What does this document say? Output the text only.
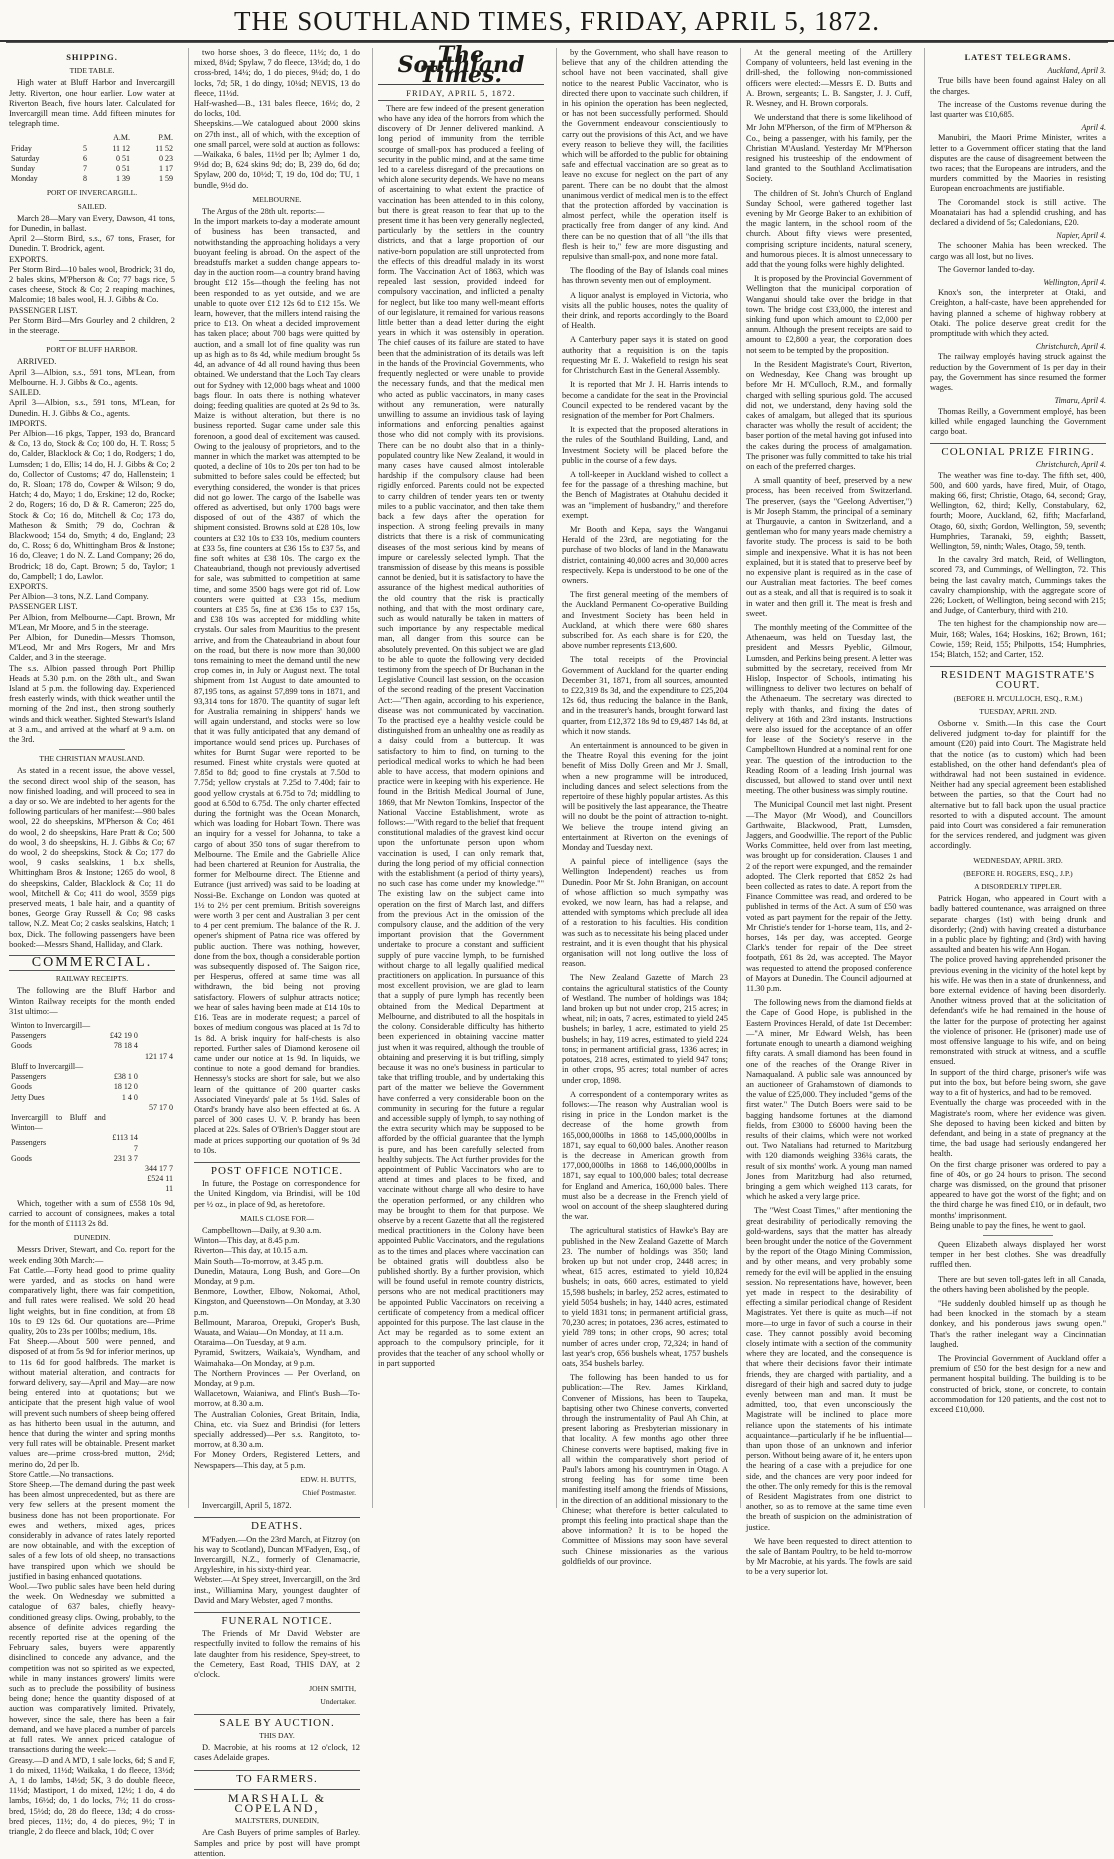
THE SOUTHLAND TIMES, FRIDAY, APRIL 5, 1872.
SHIPPING.
TIDE TABLE.

High water at Bluff Harbor and Invercargill Jetty. Riverton, one hour earlier. Low water at Riverton Beach, five hours later. Calculated for Invercargill mean time. Add fifteen minutes for telegraph time.

		A.M.	P.M.
Friday	5	11 12	11 52
Saturday	6	0 51	0 23
Sunday	7	0 51	1 17
Monday	8	1 39	1 59
PORT OF INVERCARGILL.
SAILED.

March 28—Mary van Every, Dawson, 41 tons, for Dunedin, in ballast.
April 2—Storm Bird, s.s., 67 tons, Fraser, for Dunedin. T. Brodrick, agent.
EXPORTS.
Per Storm Bird—10 bales wool, Brodrick; 31 do, 2 bales skins, M'Pherson & Co; 77 bags rice, 5 cases cheese, Stock & Co; 2 reaping machines, Malcomie; 18 bales wool, H. J. Gibbs & Co.
PASSENGER LIST.
Per Storm Bird—Mrs Gourley and 2 children, 2 in the steerage.

PORT OF BLUFF HARBOR.

ARRIVED.
April 3—Albion, s.s., 591 tons, M'Lean, from Melbourne. H. J. Gibbs & Co., agents.
SAILED.
April 3—Albion, s.s., 591 tons, M'Lean, for Dunedin. H. J. Gibbs & Co., agents.
IMPORTS.
Per Albion—16 pkgs, Tapper, 193 do, Brancard & Co, 13 do, Stock & Co; 100 do, H. T. Ross; 5 do, Calder, Blacklock & Co; 1 do, Rodgers; 1 do, Lumsden; 1 do, Ellis; 14 do, H. J. Gibbs & Co; 2 do, Collector of Customs; 47 do, Hallenstein; 1 do, R. Sloan; 178 do, Cowper & Wilson; 9 do, Hatch; 4 do, Mayo; 1 do, Erskine; 12 do, Rocke; 2 do, Rogers; 16 do, D & R. Cameron; 225 do, Stock & Co; 16 do, Mitchell & Co; 173 do, Matheson & Smith; 79 do, Cochran & Blackwood; 154 do, Smyth; 4 do, England; 23 do, C. Ross; 6 do, Whittingham Bros & Instone; 16 do, Cleave; 1 do N. Z. Land Company; 26 do, Brodrick; 18 do, Capt. Brown; 5 do, Taylor; 1 do, Campbell; 1 do, Lawlor.
EXPORTS.
Per Albion—3 tons, N.Z. Land Company.
PASSENGER LIST.
Per Albion, from Melbourne—Capt. Brown, Mr M'Lean, Mr Moore, and 5 in the steerage.
Per Albion, for Dunedin—Messrs Thomson, M'Leod, Mr and Mrs Rogers, Mr and Mrs Calder, and 3 in the steerage.
The s.s. Albion passed through Port Phillip Heads at 5.30 p.m. on the 28th ult., and Swan Island at 5 p.m. the following day. Experienced fresh easterly winds, with thick weather until the morning of the 2nd inst., then strong southerly winds and thick weather. Sighted Stewart's Island at 3 a.m., and arrived at the wharf at 9 a.m. on the 3rd.

THE CHRISTIAN M'AUSLAND.

As stated in a recent issue, the above vessel, the second direct wool ship of the season, has now finished loading, and will proceed to sea in a day or so. We are indebted to her agents for the following particulars of her manifest:—980 bales wool, 22 do sheepskins, M'Pherson & Co; 461 do wool, 2 do sheepskins, Hare Pratt & Co; 500 do wool, 3 do sheepskins, H. J. Gibbs & Co; 67 do wool, 2 do sheepskins, Stock & Co; 177 do wool, 9 casks sealskins, 1 b.x shells, Whittingham Bros & Instone; 1265 do wool, 8 do sheepskins, Calder, Blacklock & Co; 11 do wool, Mitchell & Co; 411 do wool, 3559 pigs preserved meats, 1 bale hair, and a quantity of bones, George Gray Russell & Co; 98 casks tallow, N.Z. Meat Co; 2 casks sealskins, Hatch; 1 box, Dick. The following passengers have been booked:—Messrs Shand, Halliday, and Clark.

COMMERCIAL.
RAILWAY RECEIPTS.

The following are the Bluff Harbor and Winton Railway receipts for the month ended 31st ultimo:—

Winton to Invercargill—		
Passengers	£42 19 0	
Goods	78 18 4	
		121 17 4
Bluff to Invercargill—		
Passengers	£38 1 0	
Goods	18 12 0	
Jetty Dues	1 4 0	
		57 17 0
Invercargill to Bluff and Winton—		
Passengers	£113 14 7	
Goods	231 3 7	
		344 17 7
		£524 11 11

Which, together with a sum of £558 10s 9d, carried to account of consignees, makes a total for the month of £1113 2s 8d.

DUNEDIN.

Messrs Driver, Stewart, and Co. report for the week ending 30th March:—
Fat Cattle.—Forty head good to prime quality were yarded, and as stocks on hand were comparatively light, there was fair competition, and full rates were realised. We sold 20 head light weights, but in fine condition, at from £8 10s to £9 12s 6d. Our quotations are—Prime quality, 20s to 23s per 100lbs; medium, 18s.
Fat Sheep.—About 500 were penned, and disposed of at from 5s 9d for inferior merinos, up to 11s 6d for good halfbreds. The market is without material alteration, and contracts for forward delivery, say—April and May—are now being entered into at quotations; but we anticipate that the present high value of wool will prevent such numbers of sheep being offered as has hitherto been usual in the autumn, and hence that during the winter and spring months very full rates will be obtainable. Present market values are—prime cross-bred mutton, 2½d; merino do, 2d per lb.
Store Cattle.—No transactions.
Store Sheep.—The demand during the past week has been almost unprecedented, but as there are very few sellers at the present moment the business done has not been proportionate. For ewes and wethers, mixed ages, prices considerably in advance of rates lately reported are now obtainable, and with the exception of sales of a few lots of old sheep, no transactions have transpired upon which we should be justified in basing enhanced quotations.
Wool.—Two public sales have been held during the week. On Wednesday we submitted a catalogue of 637 bales, chiefly heavy-conditioned greasy clips. Owing, probably, to the absence of definite advices regarding the recently reported rise at the opening of the February sales, buyers were apparently disinclined to concede any advance, and the competition was not so spirited as we expected, while in many instances growers' limits were such as to preclude the possibility of business being done; hence the quantity disposed of at auction was comparatively limited. Privately, however, since the sale, there has been a fair demand, and we have placed a number of parcels at full rates. We annex priced catalogue of transactions during the week:—
Greasy.—D and A M'D, 1 sale locks, 6d; S and F, 1 do mixed, 11½d; Waikaka, 1 do fleece, 13½d; A, 1 do lambs, 14½d; 5K, 3 do double fleece, 11½d; Mastiport, 1 do mixed, 12½; 1 do, 4 do lambs, 16½d; do, 1 do locks, 7½; 11 do cross-bred, 15½d; do, 28 do fleece, 13d; 4 do cross-bred pieces, 11½; do, 4 do pieces, 9½; T in triangle, 2 do fleece and black, 10d; C over

two horse shoes, 3 do fleece, 11½; do, 1 do mixed, 8¼d; Spylaw, 7 do fleece, 13½d; do, 1 do cross-bred, 14¼; do, 1 do pieces, 9¼d; do, 1 do locks, 7d; 5R, 1 do dingy, 10¼d; NEVIS, 13 do fleece, 11½d.
Half-washed—B., 131 bales fleece, 16½; do, 2 do locks, 10d.
Sheepskins.—We catalogued about 2000 skins on 27th inst., all of which, with the exception of one small parcel, were sold at auction as follows:—Waikaka, 6 bales, 11½d per lb; Aylmer 1 do, 9½d do; B, 624 skins 9d; do; B, 239 do, 6d do; Spylaw, 200 do, 10½d; T, 19 do, 10d do; TU, 1 bundle, 9½d do.

MELBOURNE.

The Argus of the 28th ult. reports:—
In the import markets to-day a moderate amount of business has been transacted, and notwithstanding the approaching holidays a very buoyant feeling is abroad. On the aspect of the breadstuffs market a sudden change appears to-day in the auction room—a country brand having brought £12 15s—though the feeling has not been responded to as yet outside, and we are unable to quote over £12 12s 6d to £12 15s. We learn, however, that the millers intend raising the price to £13. On wheat a decided improvement has taken place; about 700 bags were quitted by auction, and a small lot of fine quality was run up as high as to 8s 4d, while medium brought 5s 4d, an advance of 4d all round having thus been obtained. We understand that the Loch Tay clears out for Sydney with 12,000 bags wheat and 1000 bags flour. In oats there is nothing whatever doing; feeding qualities are quoted at 2s 9d to 3s. Maize is without alteration, but there is no business reported. Sugar came under sale this forenoon, a good deal of excitement was caused. Owing to the jealousy of proprietors, and to the manner in which the market was attempted to be quoted, a decline of 10s to 20s per ton had to be submitted to before sales could be effected; but everything considered, the wonder is that prices did not go lower. The cargo of the Isabelle was offered as advertised, but only 1700 bags were disposed of out of the 4387 of which the shipment consisted. Browns sold at £28 10s, low counters at £32 10s to £33 10s, medium counters at £33 5s, fine counters at £36 15s to £37 5s, and fine soft whites at £38 10s. The cargo ex the Chateaubriand, though not previously advertised for sale, was submitted to competition at same time, and some 3500 bags were got rid of. Low counters were quitted at £33 15s, medium counters at £35 5s, fine at £36 15s to £37 15s, and £38 10s was accepted for middling white crystals. Our sales from Mauritius to the present arrive, and from the Chateaubriand in about four on the road, but there is now more than 30,000 tons remaining to meet the demand until the new crop comes in, in July or August next. The total shipment from 1st August to date amounted to 87,195 tons, as against 57,899 tons in 1871, and 93,314 tons for 1870. The quantity of sugar left for Australia remaining in shippers' hands we will again understand, and stocks were so low that it was fully anticipated that any demand of importance would send prices up. Purchases of whites for Burnt Sugar were reported to be resumed. Finest white crystals were quoted at 7.85d to 8d; good to fine crystals at 7.50d to 7.75d; yellow crystals at 7.25d to 7.40d; fair to good yellow crystals at 6.75d to 7d; middling to good at 6.50d to 6.75d. The only charter effected during the fortnight was the Ocean Monarch, which was loading for Hobart Town. There was an inquiry for a vessel for Johanna, to take a cargo of about 350 tons of sugar therefrom to Melbourne. The Emile and the Gabrielle Alice had been chartered at Reunion for Australia, the former for Melbourne direct. The Etienne and Eutrance (just arrived) was said to be loading at Nossi-Be. Exchange on London was quoted at 1½ to 2½ per cent premium. British sovereigns were worth 3 per cent and Australian 3 per cent to 4 per cent premium. The balance of the R. J. opener's shipment of Patna rice was offered by public auction. There was nothing, however, done from the box, though a considerable portion was subsequently disposed of. The Saigon rice, per Hesperus, offered at same time was all withdrawn, the bid being not proving satisfactory. Flowers of sulphur attracts notice; we hear of sales having been made at £14 10s to £16. Teas are in moderate request; a parcel of boxes of medium congous was placed at 1s 7d to 1s 8d. A brisk inquiry for half-chests is also reported. Further sales of Diamond kerosene oil came under our notice at 1s 9d. In liquids, we continue to note a good demand for brandies. Hennessy's stocks are short for sale, but we also learn of the quittance of 200 quarter casks Associated Vineyards' pale at 5s 1½d. Sales of Otard's brandy have also been effected at 6s. A parcel of 300 cases U. V. P. brandy has been placed at 22s. Sales of O'Brien's Dagger stout are made at prices supporting our quotation of 9s 3d to 10s.

POST OFFICE NOTICE.

In future, the Postage on correspondence for the United Kingdom, via Brindisi, will be 10d per ½ oz., in place of 9d, as heretofore.

MAILS CLOSE FOR—

Campbelltown—Daily, at 9.30 a.m.
Winton—This day, at 8.45 p.m.
Riverton—This day, at 10.15 a.m.
Main South—To-morrow, at 3.45 p.m.
Dunedin, Mataura, Long Bush, and Gore—On Monday, at 9 p.m.
Benmore, Lowther, Elbow, Nokomai, Athol, Kingston, and Queenstown—On Monday, at 3.30 p.m.
Bellmount, Mararoa, Orepuki, Groper's Bush, Wauata, and Waiau—On Monday, at 11 a.m.
Otaraima—On Tuesday, at 9 a.m.
Pyramid, Switzers, Waikaia's, Wyndham, and Waimahaka—On Monday, at 9 p.m.
The Northern Provinces — Per Overland, on Monday, at 9 p.m.
Wallacetown, Waianiwa, and Flint's Bush—To-morrow, at 8.30 a.m.
The Australian Colonies, Great Britain, India, China, etc. via Suez and Brindisi (for letters specially addressed)—Per s.s. Rangitoto, to-morrow, at 8.30 a.m.
For Money Orders, Registered Letters, and Newspapers—This day, at 5 p.m.

EDW. H. BUTTS,
Chief Postmaster.

Invercargill, April 5, 1872.

DEATHS.

M'Fadyen.—On the 23rd March, at Fitzroy (on his way to Scotland), Duncan M'Fadyen, Esq., of Invercargill, N.Z., formerly of Clenamacrie, Argyleshire, in his sixty-third year.
Webster.—At Spey street, Invercargill, on the 3rd inst., Williamina Mary, youngest daughter of David and Mary Webster, aged 7 months.

FUNERAL NOTICE.

The Friends of Mr David Webster are respectfully invited to follow the remains of his late daughter from his residence, Spey-street, to the Cemetery, East Road, THIS DAY, at 2 o'clock.

JOHN SMITH,
Undertaker.
SALE BY AUCTION.
THIS DAY.

D. Macrobie, at his rooms at 12 o'clock, 12 cases Adelaide grapes.

TO FARMERS.
MARSHALL & COPELAND,
MALTSTERS, DUNEDIN,

Are Cash Buyers of prime samples of Barley. Samples and price by post will have prompt attention.

The Southland Times.
FRIDAY, APRIL 5, 1872.

There are few indeed of the present generation who have any idea of the horrors from which the discovery of Dr Jenner delivered mankind. A long period of immunity from the terrible scourge of small-pox has produced a feeling of security in the public mind, and at the same time led to a careless disregard of the precautions on which alone security depends. We have no means of ascertaining to what extent the practice of vaccination has been attended to in this colony, but there is great reason to fear that up to the present time it has been very generally neglected, particularly by the settlers in the country districts, and that a large proportion of our native-born population are still unprotected from the effects of this dreadful malady in its worst form. The Vaccination Act of 1863, which was repealed last session, provided indeed for compulsory vaccination, and inflicted a penalty for neglect, but like too many well-meant efforts of our legislature, it remained for various reasons little better than a dead letter during the eight years in which it was ostensibly in operation. The chief causes of its failure are stated to have been that the administration of its details was left in the hands of the Provincial Governments, who frequently neglected or were unable to provide the necessary funds, and that the medical men who acted as public vaccinators, in many cases without any remuneration, were naturally unwilling to assume an invidious task of laying informations and enforcing penalties against those who did not comply with its provisions. There can be no doubt also that in a thinly-populated country like New Zealand, it would in many cases have caused almost intolerable hardship if the compulsory clause had been rigidly enforced. Parents could not be expected to carry children of tender years ten or twenty miles to a public vaccinator, and then take them back a few days after the operation for inspection. A strong feeling prevails in many districts that there is a risk of communicating diseases of the most serious kind by means of impure or carelessly selected lymph. That the transmission of disease by this means is possible cannot be denied, but it is satisfactory to have the assurance of the highest medical authorities of the old country that the risk is practically nothing, and that with the most ordinary care, such as would naturally be taken in matters of such importance by any respectable medical man, all danger from this source can be absolutely prevented. On this subject we are glad to be able to quote the following very decided testimony from the speech of Dr Buchanan in the Legislative Council last session, on the occasion of the second reading of the present Vaccination Act:—"Then again, according to his experience, disease was not communicated by vaccination. To the practised eye a healthy vesicle could be distinguished from an unhealthy one as readily as a daisy could from a buttercup. It was satisfactory to him to find, on turning to the periodical medical works to which he had been able to have access, that modern opinions and practice were in keeping with his experience. He found in the British Medical Journal of June, 1869, that Mr Newton Tomkins, Inspector of the National Vaccine Establishment, wrote as follows:—"With regard to the belief that frequent constitutional maladies of the gravest kind occur upon the unfortunate person upon whom vaccination is used, I can only remark that, during the long period of my official connection with the establishment (a period of thirty years), no such case has come under my knowledge."" The existing law on the subject came into operation on the first of March last, and differs from the previous Act in the omission of the compulsory clause, and the addition of the very important provision that the Government undertake to procure a constant and sufficient supply of pure vaccine lymph, to be furnished without charge to all legally qualified medical practitioners on application. In pursuance of this most excellent provision, we are glad to learn that a supply of pure lymph has recently been obtained from the Medical Department at Melbourne, and distributed to all the hospitals in the colony. Considerable difficulty has hitherto been experienced in obtaining vaccine matter just when it was required, although the trouble of obtaining and preserving it is but trifling, simply because it was no one's business in particular to take that trifling trouble, and by undertaking this part of the matter we believe the Government have conferred a very considerable boon on the community in securing for the future a regular and accessible supply of lymph, to say nothing of the extra security which may be supposed to be afforded by the official guarantee that the lymph is pure, and has been carefully selected from healthy subjects. The Act further provides for the appointment of Public Vaccinators who are to attend at times and places to be fixed, and vaccinate without charge all who desire to have the operation performed, or any children who may be brought to them for that purpose. We observe by a recent Gazette that all the registered medical practitioners in the Colony have been appointed Public Vaccinators, and the regulations as to the times and places where vaccination can be obtained gratis will doubtless also be published shortly. By a further provision, which will be found useful in remote country districts, persons who are not medical practitioners may be appointed Public Vaccinators on receiving a certificate of competency from a medical officer appointed for this purpose. The last clause in the Act may be regarded as to some extent an approach to the compulsory principle, for it provides that the teacher of any school wholly or in part supported

by the Government, who shall have reason to believe that any of the children attending the school have not been vaccinated, shall give notice to the nearest Public Vaccinator, who is directed there upon to vaccinate such children, if in his opinion the operation has been neglected, or has not been successfully performed. Should the Government endeavour conscientiously to carry out the provisions of this Act, and we have every reason to believe they will, the facilities which will be afforded to the public for obtaining safe and effectual vaccination are so great as to leave no excuse for neglect on the part of any parent. There can be no doubt that the almost unanimous verdict of medical men is to the effect that the protection afforded by vaccination is almost perfect, while the operation itself is practically free from danger of any kind. And there can be no question that of all "the ills that flesh is heir to," few are more disgusting and repulsive than small-pox, and none more fatal.

The flooding of the Bay of Islands coal mines has thrown seventy men out of employment.

A liquor analyst is employed in Victoria, who visits all the public houses, notes the quality of their drink, and reports accordingly to the Board of Health.

A Canterbury paper says it is stated on good authority that a requisition is on the tapis requesting Mr E. J. Wakefield to resign his seat for Christchurch East in the General Assembly.

It is reported that Mr J. H. Harris intends to become a candidate for the seat in the Provincial Council expected to be rendered vacant by the resignation of the member for Port Chalmers.

It is expected that the proposed alterations in the rules of the Southland Building, Land, and Investment Society will be placed before the public in the course of a few days.

A toll-keeper in Auckland wished to collect a fee for the passage of a threshing machine, but the Bench of Magistrates at Otahuhu decided it was an "implement of husbandry," and therefore exempt.

Mr Booth and Kepa, says the Wanganui Herald of the 23rd, are negotiating for the purchase of two blocks of land in the Manawatu district, containing 40,000 acres and 30,000 acres respectively. Kepa is understood to be one of the owners.

The first general meeting of the members of the Auckland Permanent Co-operative Building and Investment Society has been held in Auckland, at which there were 680 shares subscribed for. As each share is for £20, the above number represents £13,600.

The total receipts of the Provincial Government of Auckland for the quarter ending December 31, 1871, from all sources, amounted to £22,319 8s 3d, and the expenditure to £25,204 12s 6d, thus reducing the balance in the Bank, and in the treasurer's hands, brought forward last quarter, from £12,372 18s 9d to £9,487 14s 8d, at which it now stands.

An entertainment is announced to be given in the Theatre Royal this evening for the joint benefit of Miss Dolly Green and Mr J. Small, when a new programme will be introduced, including dances and select selections from the repertoire of these highly popular artistes. As this will be positively the last appearance, the Theatre will no doubt be the point of attraction to-night. We believe the troupe intend giving an entertainment at Riverton on the evenings of Monday and Tuesday next.

A painful piece of intelligence (says the Wellington Independent) reaches us from Dunedin. Poor Mr St. John Branigan, on account of whose affliction so much sympathy was evoked, we now learn, has had a relapse, and attended with symptoms which preclude all idea of a restoration to his faculties. His condition was such as to necessitate his being placed under restraint, and it is even thought that his physical organisation will not long outlive the loss of reason.

The New Zealand Gazette of March 23 contains the agricultural statistics of the County of Westland. The number of holdings was 184; land broken up but not under crop, 215 acres; in wheat, nil; in oats, 7 acres, estimated to yield 245 bushels; in barley, 1 acre, estimated to yield 25 bushels; in hay, 119 acres, estimated to yield 224 tons; in permanent artificial grass, 1336 acres; in potatoes, 218 acres, estimated to yield 947 tons; in other crops, 95 acres; total number of acres under crop, 1898.

A correspondent of a contemporary writes as follows:—The reason why Australian wool is rising in price in the London market is the decrease of the home growth from 165,000,000lbs in 1868 to 145,000,000lbs in 1871, say equal to 60,000 bales. Another reason is the decrease in American growth from 177,000,000lbs in 1868 to 146,000,000lbs in 1871, say equal to 100,000 bales; total decrease for England and America, 160,000 bales. There must also be a decrease in the French yield of wool on account of the sheep slaughtered during the war.

The agricultural statistics of Hawke's Bay are published in the New Zealand Gazette of March 23. The number of holdings was 350; land broken up but not under crop, 2448 acres; in wheat, 615 acres, estimated to yield 10,824 bushels; in oats, 660 acres, estimated to yield 15,598 bushels; in barley, 252 acres, estimated to yield 5054 bushels; in hay, 1440 acres, estimated to yield 1831 tons; in permanent artificial grass, 70,230 acres; in potatoes, 236 acres, estimated to yield 789 tons; in other crops, 90 acres; total number of acres under crop, 72,324; in hand of last year's crop, 656 bushels wheat, 1757 bushels oats, 354 bushels barley.

The following has been handed to us for publication:—The Rev. James Kirkland, Convener of Missions, has been to Taupeka, baptising other two Chinese converts, converted through the instrumentality of Paul Ah Chin, at present laboring as Presbyterian missionary in that locality. A few months ago other three Chinese converts were baptised, making five in all within the comparatively short period of Paul's labors among his countrymen in Otago. A strong feeling has for some time been manifesting itself among the friends of Missions, in the direction of an additional missionary to the Chinese; what therefore is better calculated to prompt this feeling into practical shape than the above information? It is to be hoped the Committee of Missions may soon have several such Chinese missionaries as the various goldfields of our province.

At the general meeting of the Artillery Company of volunteers, held last evening in the drill-shed, the following non-commissioned officers were elected:—Messrs E. D. Butts and A. Brown, sergeants; L. B. Sangster, J. J. Cuff, R. Wesney, and H. Brown corporals.

We understand that there is some likelihood of Mr John M'Pherson, of the firm of M'Pherson & Co., being a passenger, with his family, per the Christian M'Ausland. Yesterday Mr M'Pherson resigned his trusteeship of the endowment of land granted to the Southland Acclimatisation Society.

The children of St. John's Church of England Sunday School, were gathered together last evening by Mr George Baker to an exhibition of the magic lantern, in the school room of the church. About fifty views were presented, comprising scripture incidents, natural scenery, and humorous pieces. It is almost unnecessary to add that the young folks were highly delighted.

It is proposed by the Provincial Government of Wellington that the municipal corporation of Wanganui should take over the bridge in that town. The bridge cost £33,000, the interest and sinking fund upon which amount to £2,000 per annum. Although the present receipts are said to amount to £2,800 a year, the corporation does not seem to be tempted by the proposition.

In the Resident Magistrate's Court, Riverton, on Wednesday, Kee Chang was brought up before Mr H. M'Culloch, R.M., and formally charged with selling spurious gold. The accused did not, we understand, deny having sold the cakes of amalgam, but alleged that its spurious character was wholly the result of accident; the baser portion of the metal having got infused into the cakes during the process of amalgamation. The prisoner was fully committed to take his trial on each of the preferred charges.

A small quantity of beef, preserved by a new process, has been received from Switzerland. The preserver, (says the "Geelong Advertiser,") is Mr Joseph Stamm, the principal of a seminary at Thurgauvie, a canton in Switzerland, and a gentleman who for many years made chemistry a favorite study. The process is said to be both simple and inexpensive. What it is has not been explained, but it is stated that to preserve beef by no expensive plant is required as in the case of our Australian meat factories. The beef comes out as a steak, and all that is required is to soak it in water and then grill it. The meat is fresh and sweet.

The monthly meeting of the Committee of the Athenaeum, was held on Tuesday last, the president and Messrs Pyeblic, Gilmour, Lumsden, and Perkins being present. A letter was submitted by the secretary, received from Mr Hislop, Inspector of Schools, intimating his willingness to deliver two lectures on behalf of the Athenaeum. The secretary was directed to reply with thanks, and fixing the dates of delivery at 16th and 23rd instants. Instructions were also issued for the acceptance of an offer for lease of the Society's reserve in the Campbelltown Hundred at a nominal rent for one year. The question of the introduction to the Reading Room of a leading Irish journal was discussed, but allowed to stand over until next meeting. The other business was simply routine.

The Municipal Council met last night. Present—The Mayor (Mr Wood), and Councillors Garthwaite, Blackwood, Pratt, Lumsden, Jaggers, and Goodwillie. The report of the Public Works Committee, held over from last meeting, was brought up for consideration. Clauses 1 and 2 of the report were expunged, and the remainder adopted. The Clerk reported that £852 2s had been collected as rates to date. A report from the Finance Committee was read, and ordered to be published in terms of the Act. A sum of £50 was voted as part payment for the repair of the Jetty. Mr Christie's tender for 1-horse team, 11s, and 2-horses, 14s per day, was accepted. George Clark's tender for repair of the Dee street footpath, £61 8s 2d, was accepted. The Mayor was requested to attend the proposed conference of Mayors at Dunedin. The Council adjourned at 11.30 p.m.

The following news from the diamond fields at the Cape of Good Hope, is published in the Eastern Provinces Herald, of date 1st December:—"A miner, Mr Edward Welsh, has been fortunate enough to unearth a diamond weighing fifty carats. A small diamond has been found in one of the reaches of the Orange River in Namaqualand. A public sale was announced by an auctioneer of Grahamstown of diamonds to the value of £25,000. They included "gems of the first water." The Dutch Boers were said to be bagging handsome fortunes at the diamond fields, from £3000 to £6000 having been the results of their claims, which were not worked out. Two Natalians had returned to Maritzburg with 120 diamonds weighing 336¼ carats, the result of six months' work. A young man named Jones from Maritzburg had also returned, bringing a gem which weighed 113 carats, for which he asked a very large price.

The "West Coast Times," after mentioning the great desirability of periodically removing the gold-wardens, says that the matter has already been brought under the notice of the Government by the report of the Otago Mining Commission, and by other means, and very probably some remedy for the evil will be applied in the ensuing session. No representations have, however, been yet made in respect to the desirability of effecting a similar periodical change of Resident Magistrates. Yet there is quite as much—if not more—to urge in favor of such a course in their case. They cannot possibly avoid becoming closely intimate with a section of the community where they are located, and the consequence is that where their decisions favor their intimate friends, they are charged with partiality, and a disregard of their high and sacred duty to judge evenly between man and man. It must be admitted, too, that even unconsciously the Magistrate will be inclined to place more reliance upon the statements of his intimate acquaintance—particularly if he be influential—than upon those of an unknown and inferior person. Without being aware of it, he enters upon the hearing of a case with a prejudice for one side, and the chances are very poor indeed for the other. The only remedy for this is the removal of Resident Magistrates from one district to another, so as to remove at the same time even the breath of suspicion on the administration of justice.

We have been requested to direct attention to the sale of Bantam Poultry, to be held to-morrow by Mr Macrobie, at his yards. The fowls are said to be a very superior lot.

LATEST TELEGRAMS.
Auckland, April 3.

True bills have been found against Haley on all the charges.

The increase of the Customs revenue during the last quarter was £10,685.

April 4.

Manubiri, the Maori Prime Minister, writes a letter to a Government officer stating that the land disputes are the cause of disagreement between the two races; that the Europeans are intruders, and the murders committed by the Maories in resisting European encroachments are justifiable.

The Coromandel stock is still active. The Moanataiari has had a splendid crushing, and has declared a dividend of 5s; Caledonians, £20.

Napier, April 4.

The schooner Mahia has been wrecked. The cargo was all lost, but no lives.

The Governor landed to-day.

Wellington, April 4.

Knox's son, the interpreter at Otaki, and Creighton, a half-caste, have been apprehended for having planned a scheme of highway robbery at Otaki. The police deserve great credit for the promptitude with which they acted.

Christchurch, April 4.

The railway employés having struck against the reduction by the Government of 1s per day in their pay, the Government has since resumed the former wages.

Timaru, April 4.

Thomas Reilly, a Government employé, has been killed while engaged launching the Government cargo boat.

COLONIAL PRIZE FIRING.
Christchurch, April 4.

The weather was fine to-day. The fifth set, 400, 500, and 600 yards, have fired, Muir, of Otago, making 66, first; Christie, Otago, 64, second; Gray, Wellington, 62, third; Kelly, Constabulary, 62, fourth; Moore, Auckland, 62, fifth; Macfarland, Otago, 60, sixth; Gordon, Wellington, 59, seventh; Humphries, Taranaki, 59, eighth; Bassett, Wellington, 59, ninth; Wales, Otago, 59, tenth.

In the cavalry 3rd match, Reid, of Wellington, scored 73, and Cummings, of Wellington, 72. This being the last cavalry match, Cummings takes the cavalry championship, with the aggregate score of 226; Lockett, of Wellington, being second with 215; and Judge, of Canterbury, third with 210.

The ten highest for the championship now are—Muir, 168; Wales, 164; Hoskins, 162; Brown, 161; Cowie, 159; Reid, 155; Philpotts, 154; Humphries, 154; Blatch, 152; and Carter, 152.

RESIDENT MAGISTRATE'S COURT.
(BEFORE H. M'CULLOCH, ESQ., R.M.)
TUESDAY, APRIL 2ND.

Osborne v. Smith.—In this case the Court delivered judgment to-day for plaintiff for the amount (£20) paid into Court. The Magistrate held that the notice (as to custom) which had been established, on the other hand defendant's plea of withdrawal had not been sustained in evidence. Neither had any special agreement been established between the parties, so that the Court had no alternative but to fall back upon the usual practice resorted to with a disputed account. The amount paid into Court was considered a fair remuneration for the services rendered, and judgment was given accordingly.

WEDNESDAY, APRIL 3RD.
(BEFORE H. ROGERS, ESQ., J.P.)
A DISORDERLY TIPPLER.

Patrick Hogan, who appeared in Court with a badly battered countenance, was arraigned on three separate charges (1st) with being drunk and disorderly; (2nd) with having created a disturbance in a public place by fighting; and (3rd) with having assaulted and beaten his wife Ann Hogan.
The police proved having apprehended prisoner the previous evening in the vicinity of the hotel kept by his wife. He was then in a state of drunkenness, and bore external evidence of having been disorderly. Another witness proved that at the solicitation of defendant's wife he had remained in the house of the latter for the purpose of protecting her against the violence of prisoner. He (prisoner) made use of most offensive language to his wife, and on being remonstrated with struck at witness, and a scuffle ensued.
In support of the third charge, prisoner's wife was put into the box, but before being sworn, she gave way to a fit of hysterics, and had to be removed.
Eventually the charge was proceeded with in the Magistrate's room, where her evidence was given. She deposed to having been kicked and bitten by defendant, and being in a state of pregnancy at the time, the bad usage had seriously endangered her health.
On the first charge prisoner was ordered to pay a fine of 40s, or go 24 hours to prison. The second charge was dismissed, on the ground that prisoner appeared to have got the worst of the fight; and on the third charge he was fined £10, or in default, two months' imprisonment.
Being unable to pay the fines, he went to gaol.

Queen Elizabeth always displayed her worst temper in her best clothes. She was dreadfully ruffled then.

There are but seven toll-gates left in all Canada, the others having been abolished by the people.

"He suddenly doubled himself up as though he had been knocked in the stomach by a steam donkey, and his ponderous jaws swung open." That's the rather inelegant way a Cincinnatian laughed.

The Provincial Government of Auckland offer a premium of £50 for the best design for a new and permanent hospital building. The building is to be constructed of brick, stone, or concrete, to contain accommodation for 120 patients, and the cost not to exceed £10,000.
